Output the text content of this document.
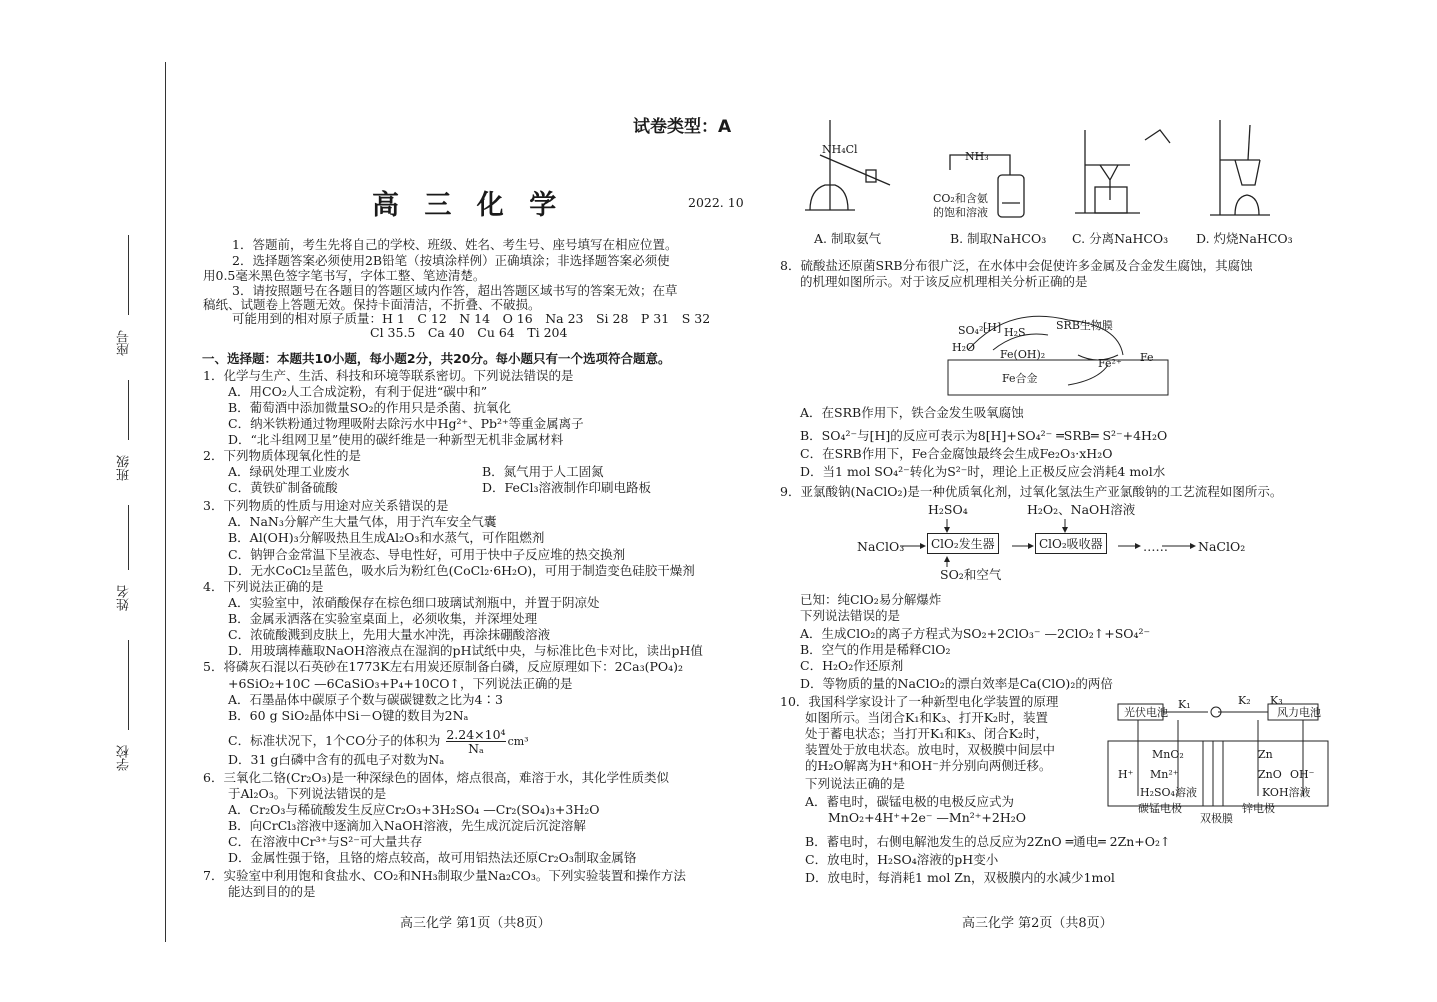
座号
班级
姓名
学校
试卷类型：A
高 三 化 学	2022. 10
1．答题前，考生先将自己的学校、班级、姓名、考生号、座号填写在相应位置。
2．选择题答案必须使用2B铅笔（按填涂样例）正确填涂；非选择题答案必须使
用0.5毫米黑色签字笔书写，字体工整、笔迹清楚。
3．请按照题号在各题目的答题区域内作答，超出答题区域书写的答案无效；在草
稿纸、试题卷上答题无效。保持卡面清洁，不折叠、不破损。
可能用到的相对原子质量：H 1　C 12　N 14　O 16　Na 23　Si 28　P 31　S 32
Cl 35.5　Ca 40　Cu 64　Ti 204
一、选择题：本题共10小题，每小题2分，共20分。每小题只有一个选项符合题意。
1．化学与生产、生活、科技和环境等联系密切。下列说法错误的是
A．用CO₂人工合成淀粉，有利于促进“碳中和”
B．葡萄酒中添加微量SO₂的作用只是杀菌、抗氧化
C．纳米铁粉通过物理吸附去除污水中Hg²⁺、Pb²⁺等重金属离子
D．“北斗组网卫星”使用的碳纤维是一种新型无机非金属材料
2．下列物质体现氧化性的是
3．下列物质的性质与用途对应关系错误的是
A．NaN₃分解产生大量气体，用于汽车安全气囊
B．Al(OH)₃分解吸热且生成Al₂O₃和水蒸气，可作阻燃剂
C．钠钾合金常温下呈液态、导电性好，可用于快中子反应堆的热交换剂
D．无水CoCl₂呈蓝色，吸水后为粉红色(CoCl₂·6H₂O)，可用于制造变色硅胶干燥剂
4．下列说法正确的是
A．实验室中，浓硝酸保存在棕色细口玻璃试剂瓶中，并置于阴凉处
B．金属汞洒落在实验室桌面上，必须收集，并深埋处理
C．浓硫酸溅到皮肤上，先用大量水冲洗，再涂抹硼酸溶液
D．用玻璃棒蘸取NaOH溶液点在湿润的pH试纸中央，与标准比色卡对比，读出pH值
5．将磷灰石混以石英砂在1773K左右用炭还原制备白磷，反应原理如下：2Ca₃(PO₄)₂
+6SiO₂+10C —6CaSiO₃+P₄+10CO↑，下列说法正确的是
A．石墨晶体中碳原子个数与碳碳键数之比为4∶3
B．60 g SiO₂晶体中Si－O键的数目为2Nₐ
D．31 g白磷中含有的孤电子对数为Nₐ
6．三氧化二铬(Cr₂O₃)是一种深绿色的固体，熔点很高，难溶于水，其化学性质类似
于Al₂O₃。下列说法错误的是
A．Cr₂O₃与稀硫酸发生反应Cr₂O₃+3H₂SO₄ —Cr₂(SO₄)₃+3H₂O
B．向CrCl₃溶液中逐滴加入NaOH溶液，先生成沉淀后沉淀溶解
C．在溶液中Cr³⁺与S²⁻可大量共存
D．金属性强于铬，且铬的熔点较高，故可用铝热法还原Cr₂O₃制取金属铬
7．实验室中利用饱和食盐水、CO₂和NH₃制取少量Na₂CO₃。下列实验装置和操作方法
能达到目的的是
A．绿矾处理工业废水	B．氮气用于人工固氮
C．黄铁矿制备硫酸	D．FeCl₃溶液制作印刷电路板
C．标准状况下，1个CO分子的体积为 $\frac{\text{2.24×10⁴}}{\text{Nₐ}} cm^3$
高三化学 第1页（共8页）
NH₄Cl
NH₃
CO₂和含氨
的饱和溶液
A. 制取氨气	B. 制取NaHCO₃ C. 分离NaHCO₃ D. 灼烧NaHCO₃
SO₄²⁻
[H] H₂S
H₂O
Fe(OH)₂
SRB生物膜
Fe²⁺ Fe
Fe合金
8．硫酸盐还原菌SRB分布很广泛，在水体中会促使许多金属及合金发生腐蚀，其腐蚀
的机理如图所示。对于该反应机理相关分析正确的是
A．在SRB作用下，铁合金发生吸氧腐蚀
B．SO₄²⁻与[H]的反应可表示为8[H]+SO₄²⁻ ═SRB═ S²⁻+4H₂O
C．在SRB作用下，Fe合金腐蚀最终会生成Fe₂O₃·xH₂O
D．当1 mol SO₄²⁻转化为S²⁻时，理论上正极反应会消耗4 mol水
9．亚氯酸钠(NaClO₂)是一种优质氧化剂，过氧化氢法生产亚氯酸钠的工艺流程如图所示。
已知：纯ClO₂易分解爆炸
下列说法错误的是
A．生成ClO₂的离子方程式为SO₂+2ClO₃⁻ —2ClO₂↑+SO₄²⁻
B．空气的作用是稀释ClO₂
C．H₂O₂作还原剂
D．等物质的量的NaClO₂的漂白效率是Ca(ClO)₂的两倍
10．我国科学家设计了一种新型电化学装置的原理
如图所示。当闭合K₁和K₃、打开K₂时，装置
处于蓄电状态；当打开K₁和K₃、闭合K₂时，
装置处于放电状态。放电时，双极膜中间层中
的H₂O解离为H⁺和OH⁻并分别向两侧迁移。
下列说法正确的是
A．蓄电时，碳锰电极的电极反应式为
MnO₂+4H⁺+2e⁻ —Mn²⁺+2H₂O
B．蓄电时，右侧电解池发生的总反应为2ZnO ═通电═ 2Zn+O₂↑
C．放电时，H₂SO₄溶液的pH变小
D．放电时，每消耗1 mol Zn，双极膜内的水减少1mol
H₂SO₄	H₂O₂、NaOH溶液
NaClO₃	ClO₂发生器	ClO₂吸收器	…… NaClO₂
SO₂和空气
光伏电池	风力电池
K₁	K₂ K₃
MnO₂
Mn²⁺
H⁺
H₂SO₄溶液
Zn
ZnO OH⁻
KOH溶液
碳锰电极	锌电极
双极膜
高三化学 第2页（共8页）
